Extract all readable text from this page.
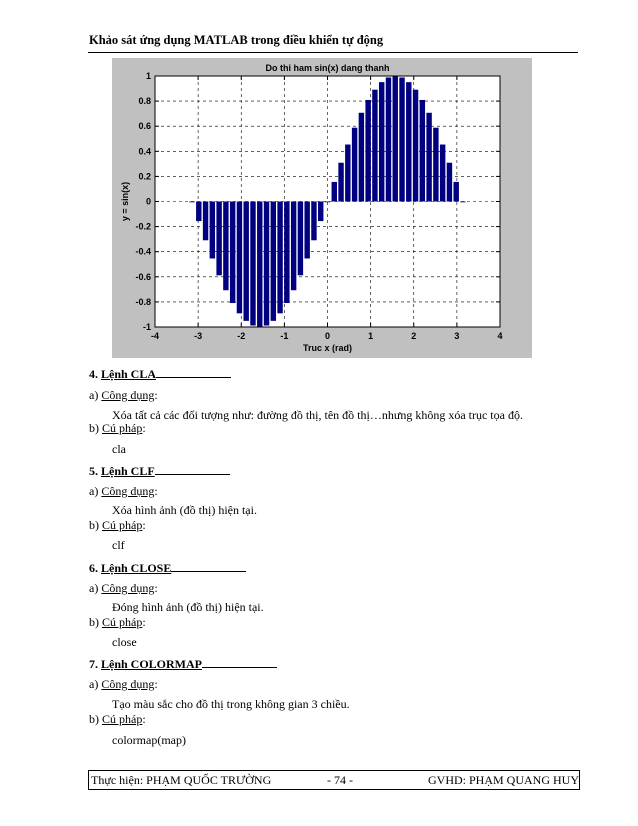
Khảo sát ứng dụng MATLAB trong điều khiển tự động
-4	-3	-2	-1	0	1	2	3	4
1
0.8
0.6
0.4
0.2
0
-0.2
-0.4
-0.6
-0.8
-1
Do thi ham sin(x) dang thanh
Truc x (rad)
y = sin(x)
4. Lệnh CLA
a) Công dụng:
Xóa tất cả các đối tượng như: đường đồ thị, tên đồ thị…nhưng không xóa trục tọa độ.
b) Cú pháp:
cla
5. Lệnh CLF
a) Công dụng:
Xóa hình ảnh (đồ thị) hiện tại.
b) Cú pháp:
clf
6. Lệnh CLOSE
a) Công dụng:
Đóng hình ảnh (đồ thị) hiện tại.
b) Cú pháp:
close
7. Lệnh COLORMAP
a) Công dụng:
Tạo màu sắc cho đồ thị trong không gian 3 chiều.
b) Cú pháp:
colormap(map)
Thực hiện: PHẠM QUỐC TRƯỜNG	- 74 -	GVHD: PHẠM QUANG HUY
